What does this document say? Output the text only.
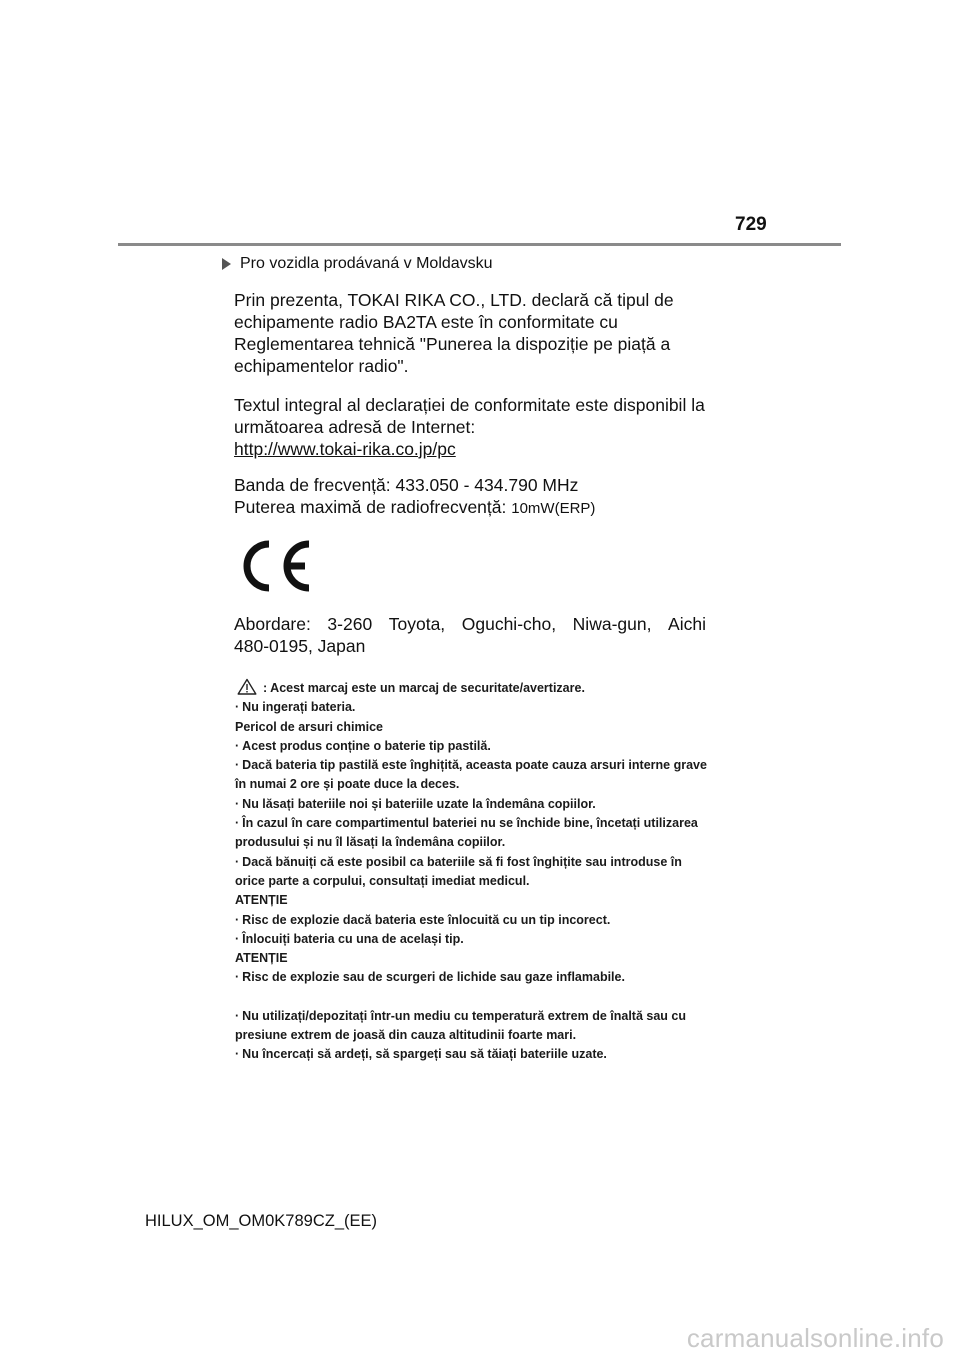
729
Pro vozidla prodávaná v Moldavsku

Prin prezenta, TOKAI RIKA CO., LTD. declară că tipul de echipamente radio BA2TA este în conformitate cu Reglementarea tehnică "Punerea la dispoziție pe piață a echipamentelor radio".

Textul integral al declarației de conformitate este disponibil la următoarea adresă de Internet:

http://www.tokai-rika.co.jp/pc

Banda de frecvență: 433.050 - 434.790 MHz

Puterea maximă de radiofrecvență: 10mW(ERP)

Abordare: 3-260 Toyota, Oguchi-cho, Niwa-gun, Aichi
480-0195, Japan
: Acest marcaj este un marcaj de securitate/avertizare.
· Nu ingerați bateria.
Pericol de arsuri chimice
· Acest produs conține o baterie tip pastilă.
· Dacă bateria tip pastilă este înghițită, aceasta poate cauza arsuri interne grave în numai 2 ore și poate duce la deces.
· Nu lăsați bateriile noi și bateriile uzate la îndemâna copiilor.
· În cazul în care compartimentul bateriei nu se închide bine, încetați utilizarea produsului și nu îl lăsați la îndemâna copiilor.
· Dacă bănuiți că este posibil ca bateriile să fi fost înghițite sau introduse în orice parte a corpului, consultați imediat medicul.
ATENȚIE
· Risc de explozie dacă bateria este înlocuită cu un tip incorect.
· Înlocuiți bateria cu una de același tip.
ATENȚIE
· Risc de explozie sau de scurgeri de lichide sau gaze inflamabile.
· Nu utilizați/depozitați într-un mediu cu temperatură extrem de înaltă sau cu presiune extrem de joasă din cauza altitudinii foarte mari.
· Nu încercați să ardeți, să spargeți sau să tăiați bateriile uzate.
HILUX_OM_OM0K789CZ_(EE)
carmanualsonline.info
